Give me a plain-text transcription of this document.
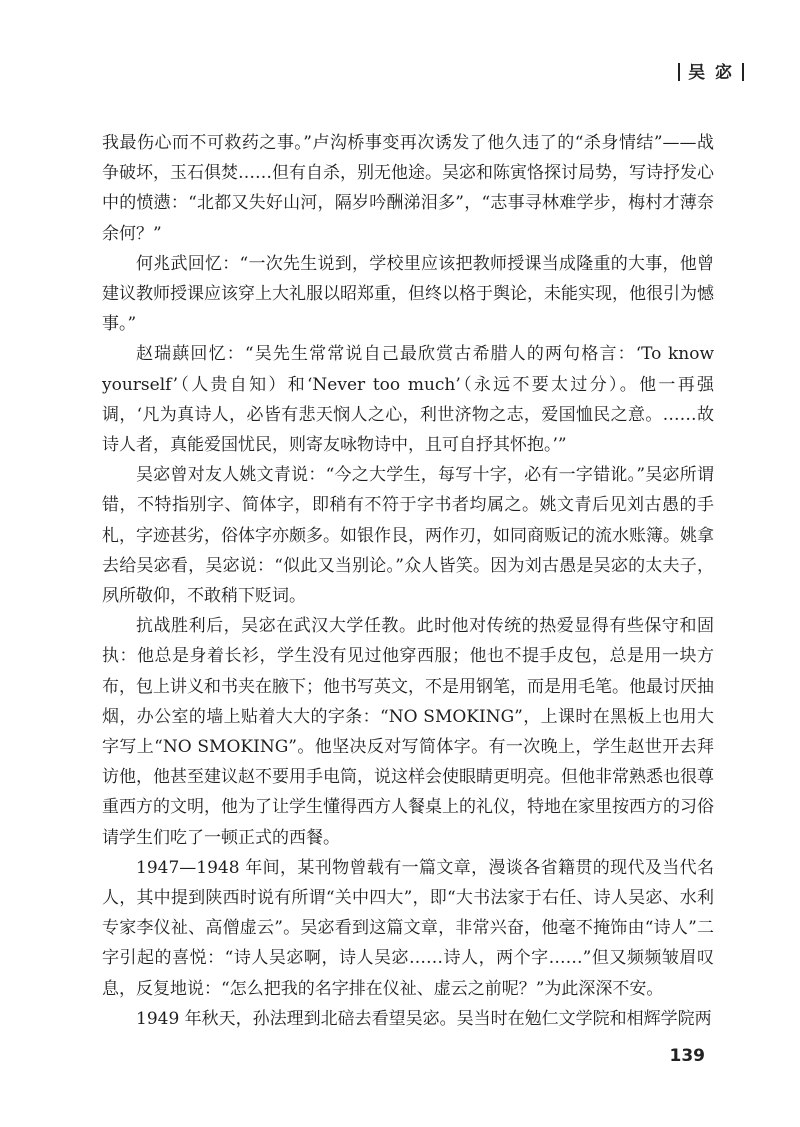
吴 宓

我最伤心而不可救药之事。”卢沟桥事变再次诱发了他久违了的“杀身情结”——战争破坏，玉石俱焚……但有自杀，别无他途。吴宓和陈寅恪探讨局势，写诗抒发心中的愤懑：“北都又失好山河，隔岁吟酬涕泪多”，“志事寻林难学步，梅村才薄奈余何？”

何兆武回忆：“一次先生说到，学校里应该把教师授课当成隆重的大事，他曾建议教师授课应该穿上大礼服以昭郑重，但终以格于舆论，未能实现，他很引为憾事。”

赵瑞蕻回忆：“吴先生常常说自己最欣赏古希腊人的两句格言：‘To know yourself’（人贵自知）和‘Never too much’（永远不要太过分）。他一再强调，‘凡为真诗人，必皆有悲天悯人之心，利世济物之志，爱国恤民之意。……故诗人者，真能爱国忧民，则寄友咏物诗中，且可自抒其怀抱。’”

吴宓曾对友人姚文青说：“今之大学生，每写十字，必有一字错讹。”吴宓所谓错，不特指别字、简体字，即稍有不符于字书者均属之。姚文青后见刘古愚的手札，字迹甚劣，俗体字亦颇多。如银作艮，两作刃，如同商贩记的流水账簿。姚拿去给吴宓看，吴宓说：“似此又当别论。”众人皆笑。因为刘古愚是吴宓的太夫子，夙所敬仰，不敢稍下贬词。

抗战胜利后，吴宓在武汉大学任教。此时他对传统的热爱显得有些保守和固执：他总是身着长衫，学生没有见过他穿西服；他也不提手皮包，总是用一块方布，包上讲义和书夹在腋下；他书写英文，不是用钢笔，而是用毛笔。他最讨厌抽烟，办公室的墙上贴着大大的字条：“NO SMOKING”，上课时在黑板上也用大字写上“NO SMOKING”。他坚决反对写简体字。有一次晚上，学生赵世开去拜访他，他甚至建议赵不要用手电筒，说这样会使眼睛更明亮。但他非常熟悉也很尊重西方的文明，他为了让学生懂得西方人餐桌上的礼仪，特地在家里按西方的习俗请学生们吃了一顿正式的西餐。

1947—1948 年间，某刊物曾载有一篇文章，漫谈各省籍贯的现代及当代名人，其中提到陕西时说有所谓“关中四大”，即“大书法家于右任、诗人吴宓、水利专家李仪祉、高僧虚云”。吴宓看到这篇文章，非常兴奋，他毫不掩饰由“诗人”二字引起的喜悦：“诗人吴宓啊，诗人吴宓……诗人，两个字……”但又频频皱眉叹息，反复地说：“怎么把我的名字排在仪祉、虚云之前呢？”为此深深不安。

1949 年秋天，孙法理到北碚去看望吴宓。吴当时在勉仁文学院和相辉学院两

139
